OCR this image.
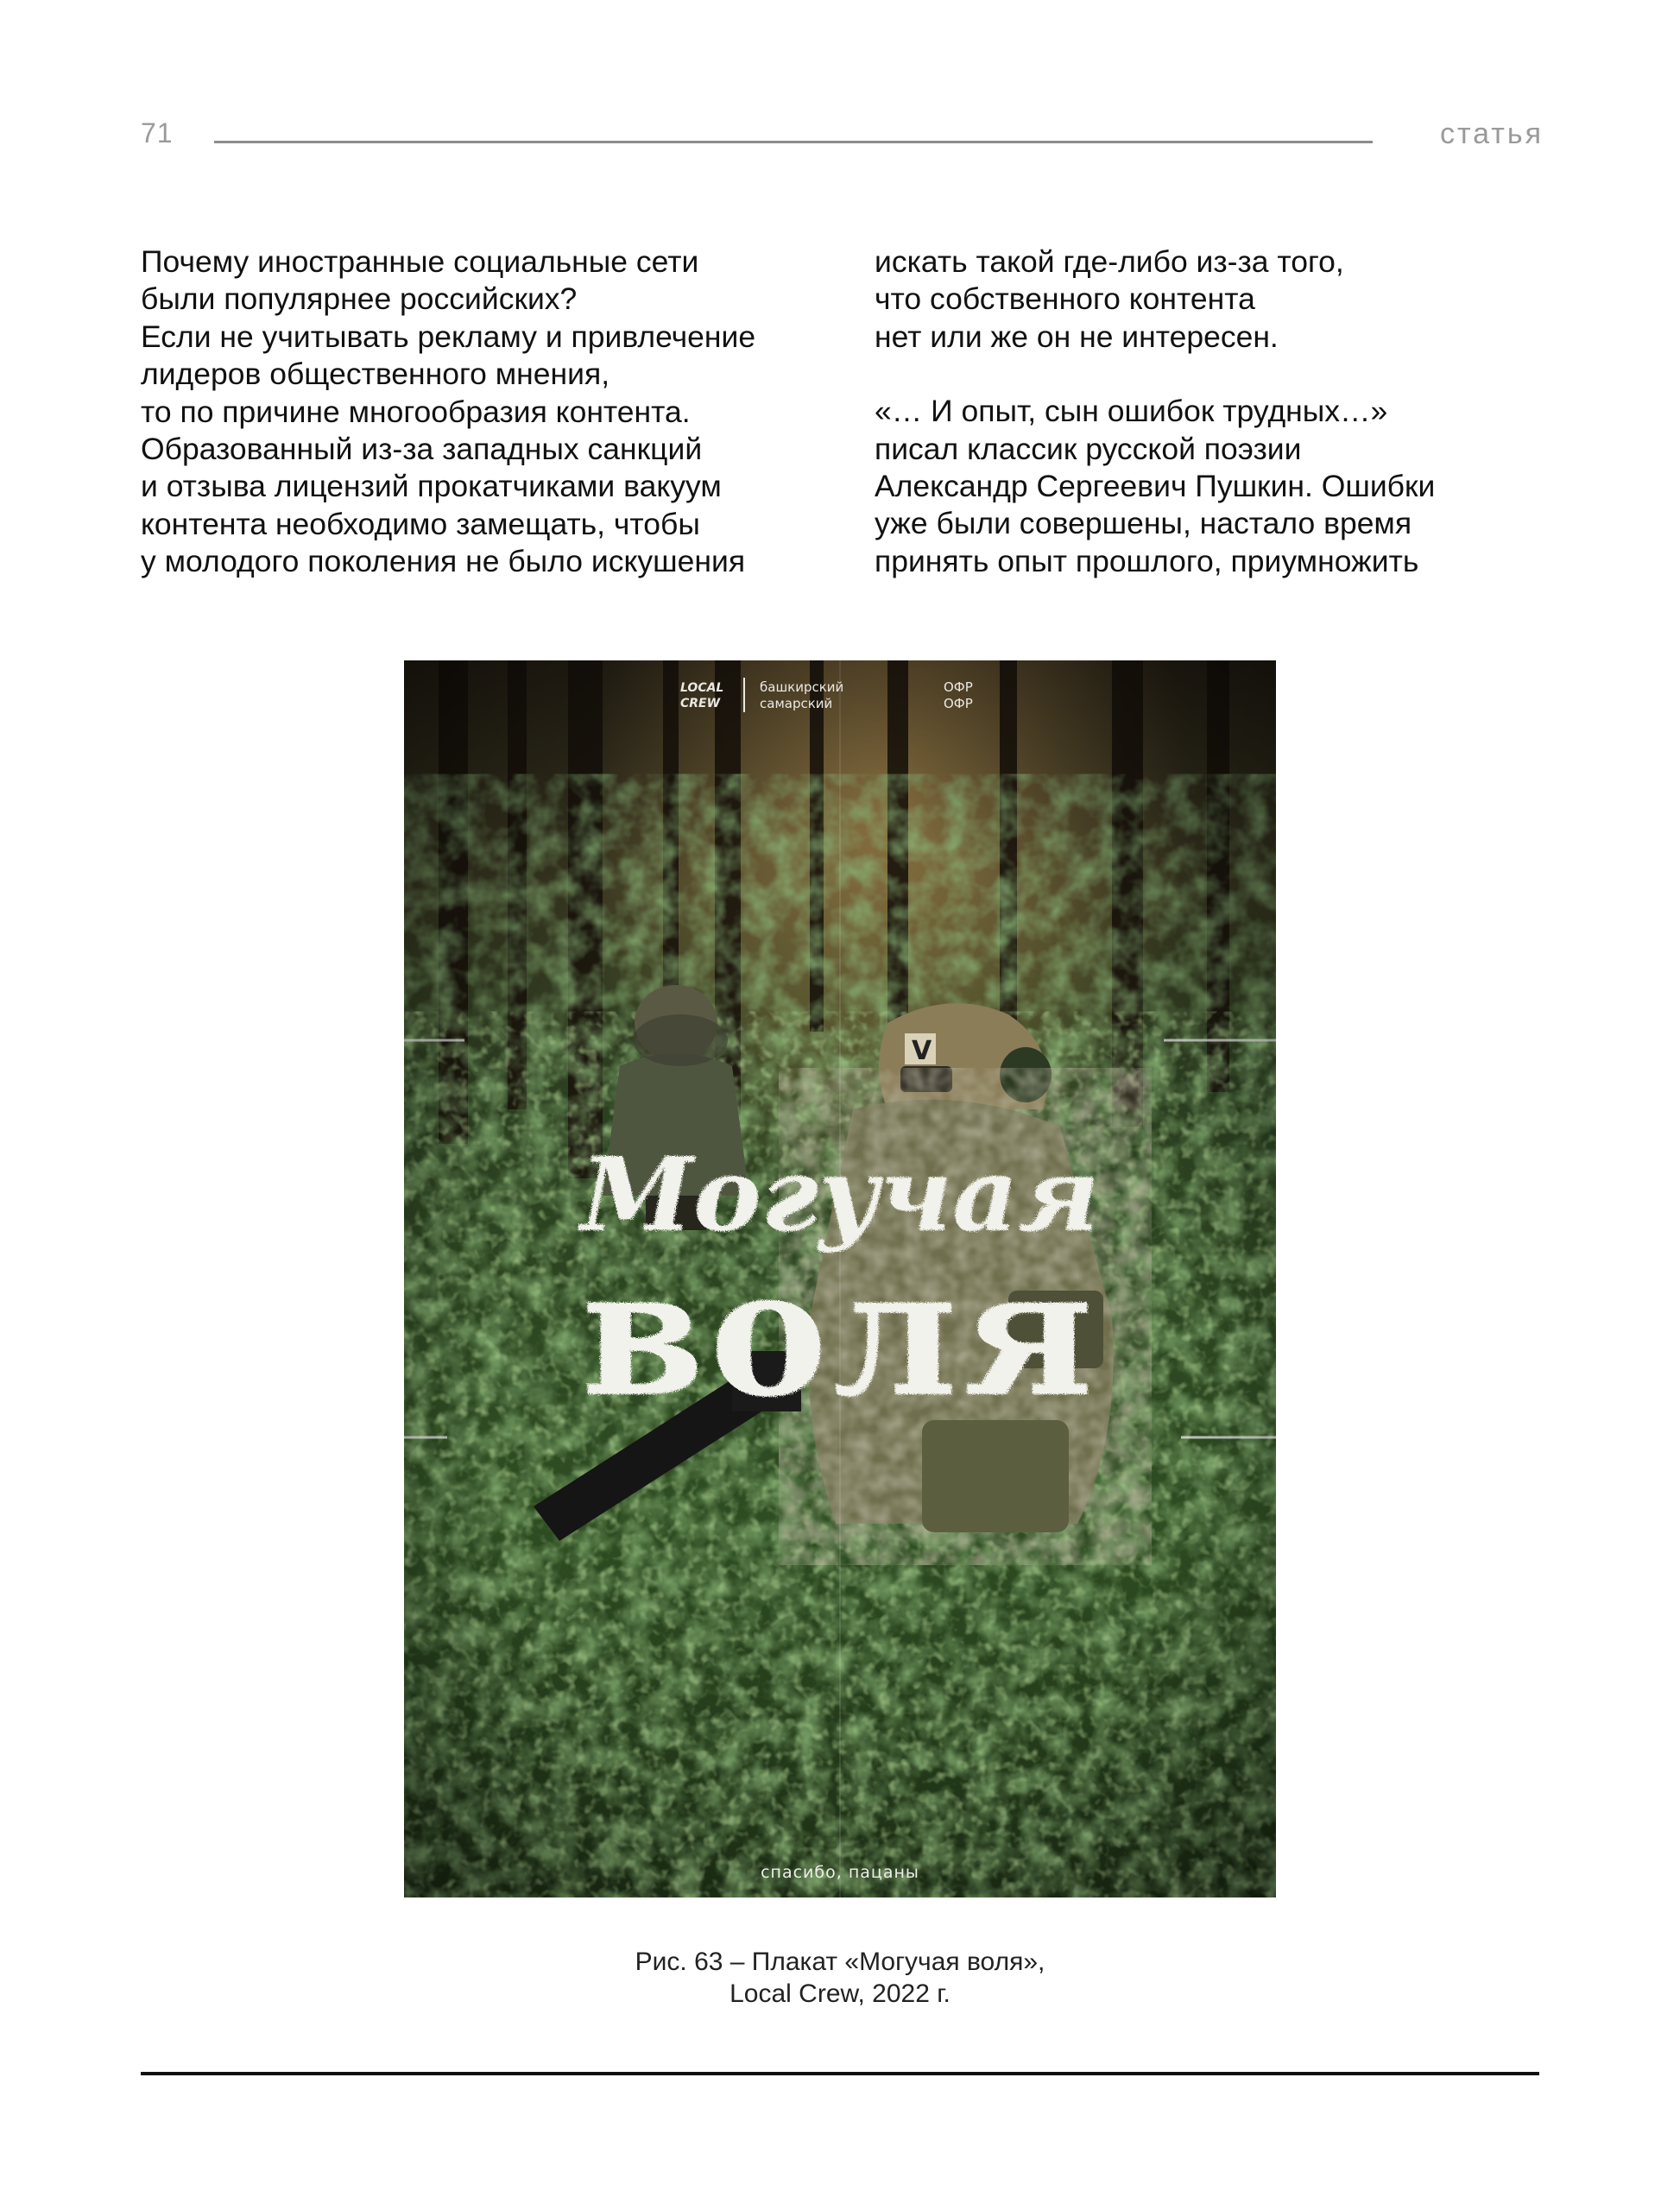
71	статья

Почему иностранные социальные сети
были популярнее российских?
Если не учитывать рекламу и привлечение
лидеров общественного мнения,
то по причине многообразия контента.
Образованный из-за западных санкций
и отзыва лицензий прокатчиками вакуум
контента необходимо замещать, чтобы
у молодого поколения не было искушения

искать такой где-либо из-за того,
что собственного контента
нет или же он не интересен.

«… И опыт, сын ошибок трудных…»
писал классик русской поэзии
Александр Сергеевич Пушкин. Ошибки
уже были совершены, настало время
принять опыт прошлого, приумножить

LOCAL
CREW
башкирский
самарский
ОФР
ОФР
Могучая
воля
спасибо, пацаны
Рис. 63 – Плакат «Могучая воля»,
Local Crew, 2022 г.
